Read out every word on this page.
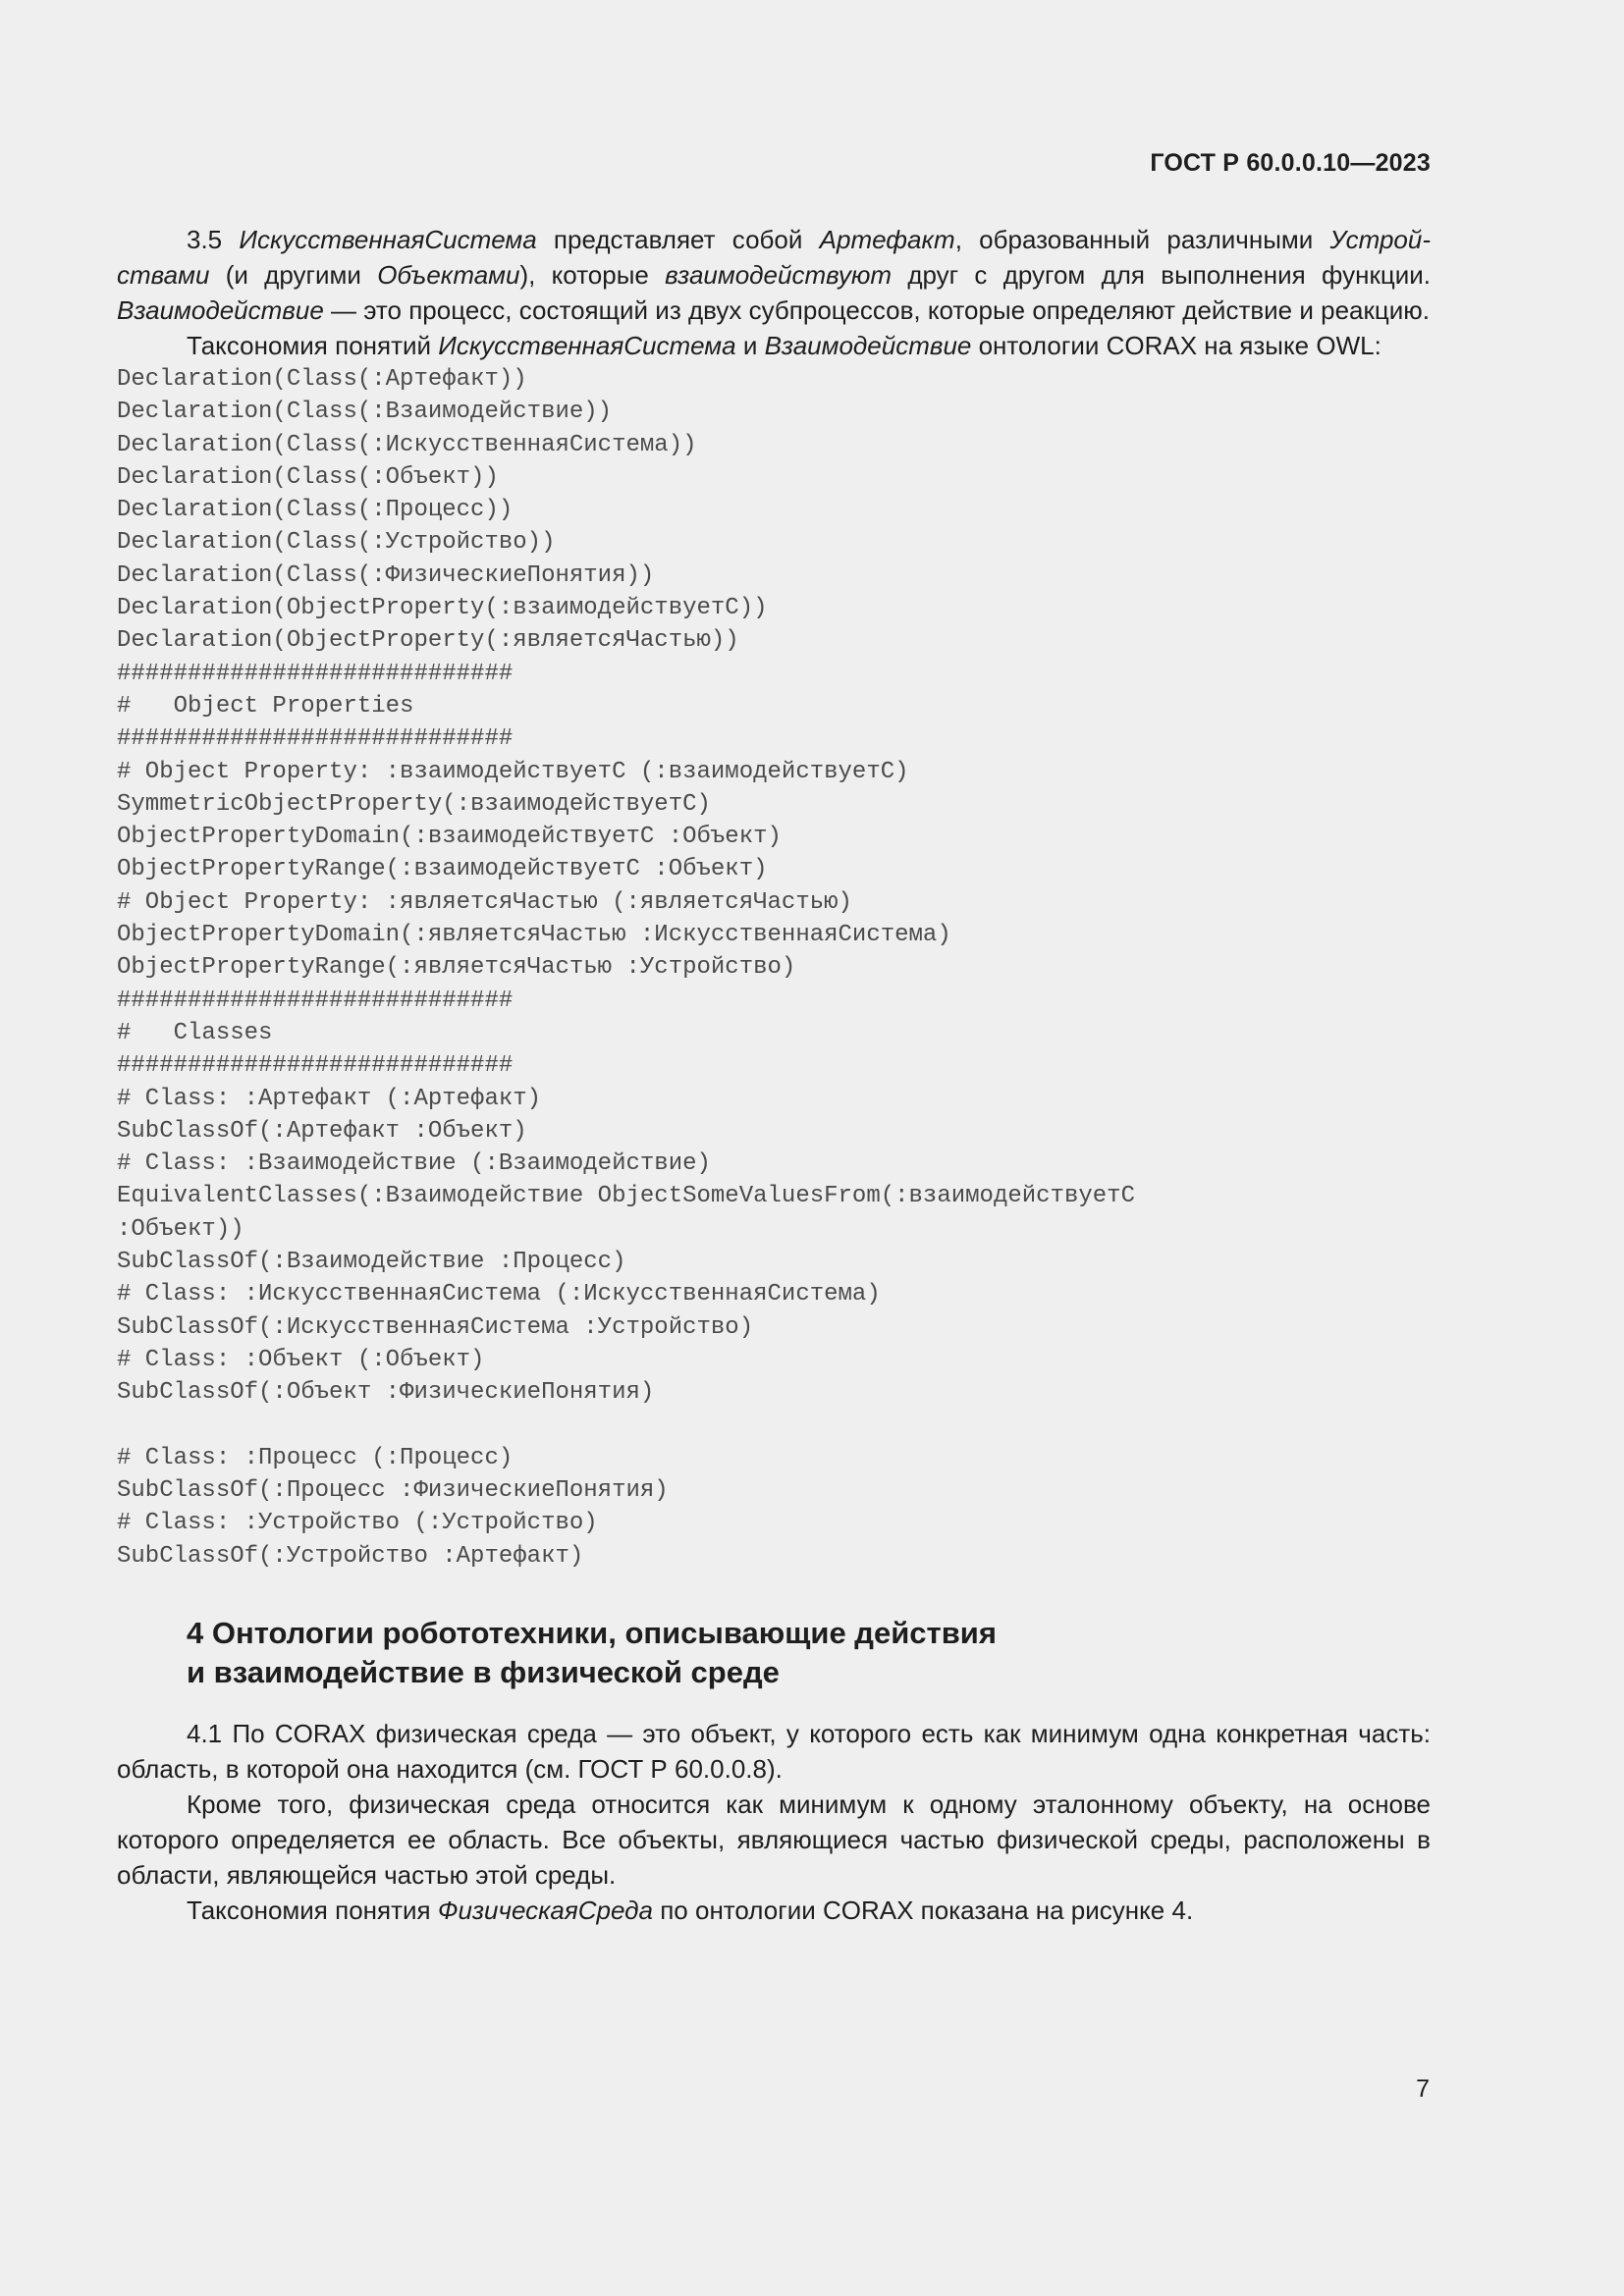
ГОСТ Р 60.0.0.10—2023

3.5 ИскусственнаяСистема представляет собой Артефакт, образованный различными Устройствами (и другими Объектами), которые взаимодействуют друг с другом для выполнения функции. Взаимодействие — это процесс, состоящий из двух субпроцессов, которые определяют действие и реакцию.

Таксономия понятий ИскусственнаяСистема и Взаимодействие онтологии CORAX на языке OWL:

Declaration(Class(:Артефакт))
Declaration(Class(:Взаимодействие))
Declaration(Class(:ИскусственнаяСистема))
Declaration(Class(:Объект))
Declaration(Class(:Процесс))
Declaration(Class(:Устройство))
Declaration(Class(:ФизическиеПонятия))
Declaration(ObjectProperty(:взаимодействуетС))
Declaration(ObjectProperty(:являетсяЧастью))
############################
#   Object Properties
############################
# Object Property: :взаимодействуетС (:взаимодействуетС)
SymmetricObjectProperty(:взаимодействуетС)
ObjectPropertyDomain(:взаимодействуетС :Объект)
ObjectPropertyRange(:взаимодействуетС :Объект)
# Object Property: :являетсяЧастью (:являетсяЧастью)
ObjectPropertyDomain(:являетсяЧастью :ИскусственнаяСистема)
ObjectPropertyRange(:являетсяЧастью :Устройство)
############################
#   Classes
############################
# Class: :Артефакт (:Артефакт)
SubClassOf(:Артефакт :Объект)
# Class: :Взаимодействие (:Взаимодействие)
EquivalentClasses(:Взаимодействие ObjectSomeValuesFrom(:взаимодействуетС
:Объект))
SubClassOf(:Взаимодействие :Процесс)
# Class: :ИскусственнаяСистема (:ИскусственнаяСистема)
SubClassOf(:ИскусственнаяСистема :Устройство)
# Class: :Объект (:Объект)
SubClassOf(:Объект :ФизическиеПонятия)
# Class: :Процесс (:Процесс)
SubClassOf(:Процесс :ФизическиеПонятия)
# Class: :Устройство (:Устройство)
SubClassOf(:Устройство :Артефакт)
4 Онтологии робототехники, описывающие действия
и взаимодействие в физической среде

4.1 По CORAX физическая среда — это объект, у которого есть как минимум одна конкретная часть: область, в которой она находится (см. ГОСТ Р 60.0.0.8).

Кроме того, физическая среда относится как минимум к одному эталонному объекту, на основе которого определяется ее область. Все объекты, являющиеся частью физической среды, расположены в области, являющейся частью этой среды.

Таксономия понятия ФизическаяСреда по онтологии CORAX показана на рисунке 4.

7
